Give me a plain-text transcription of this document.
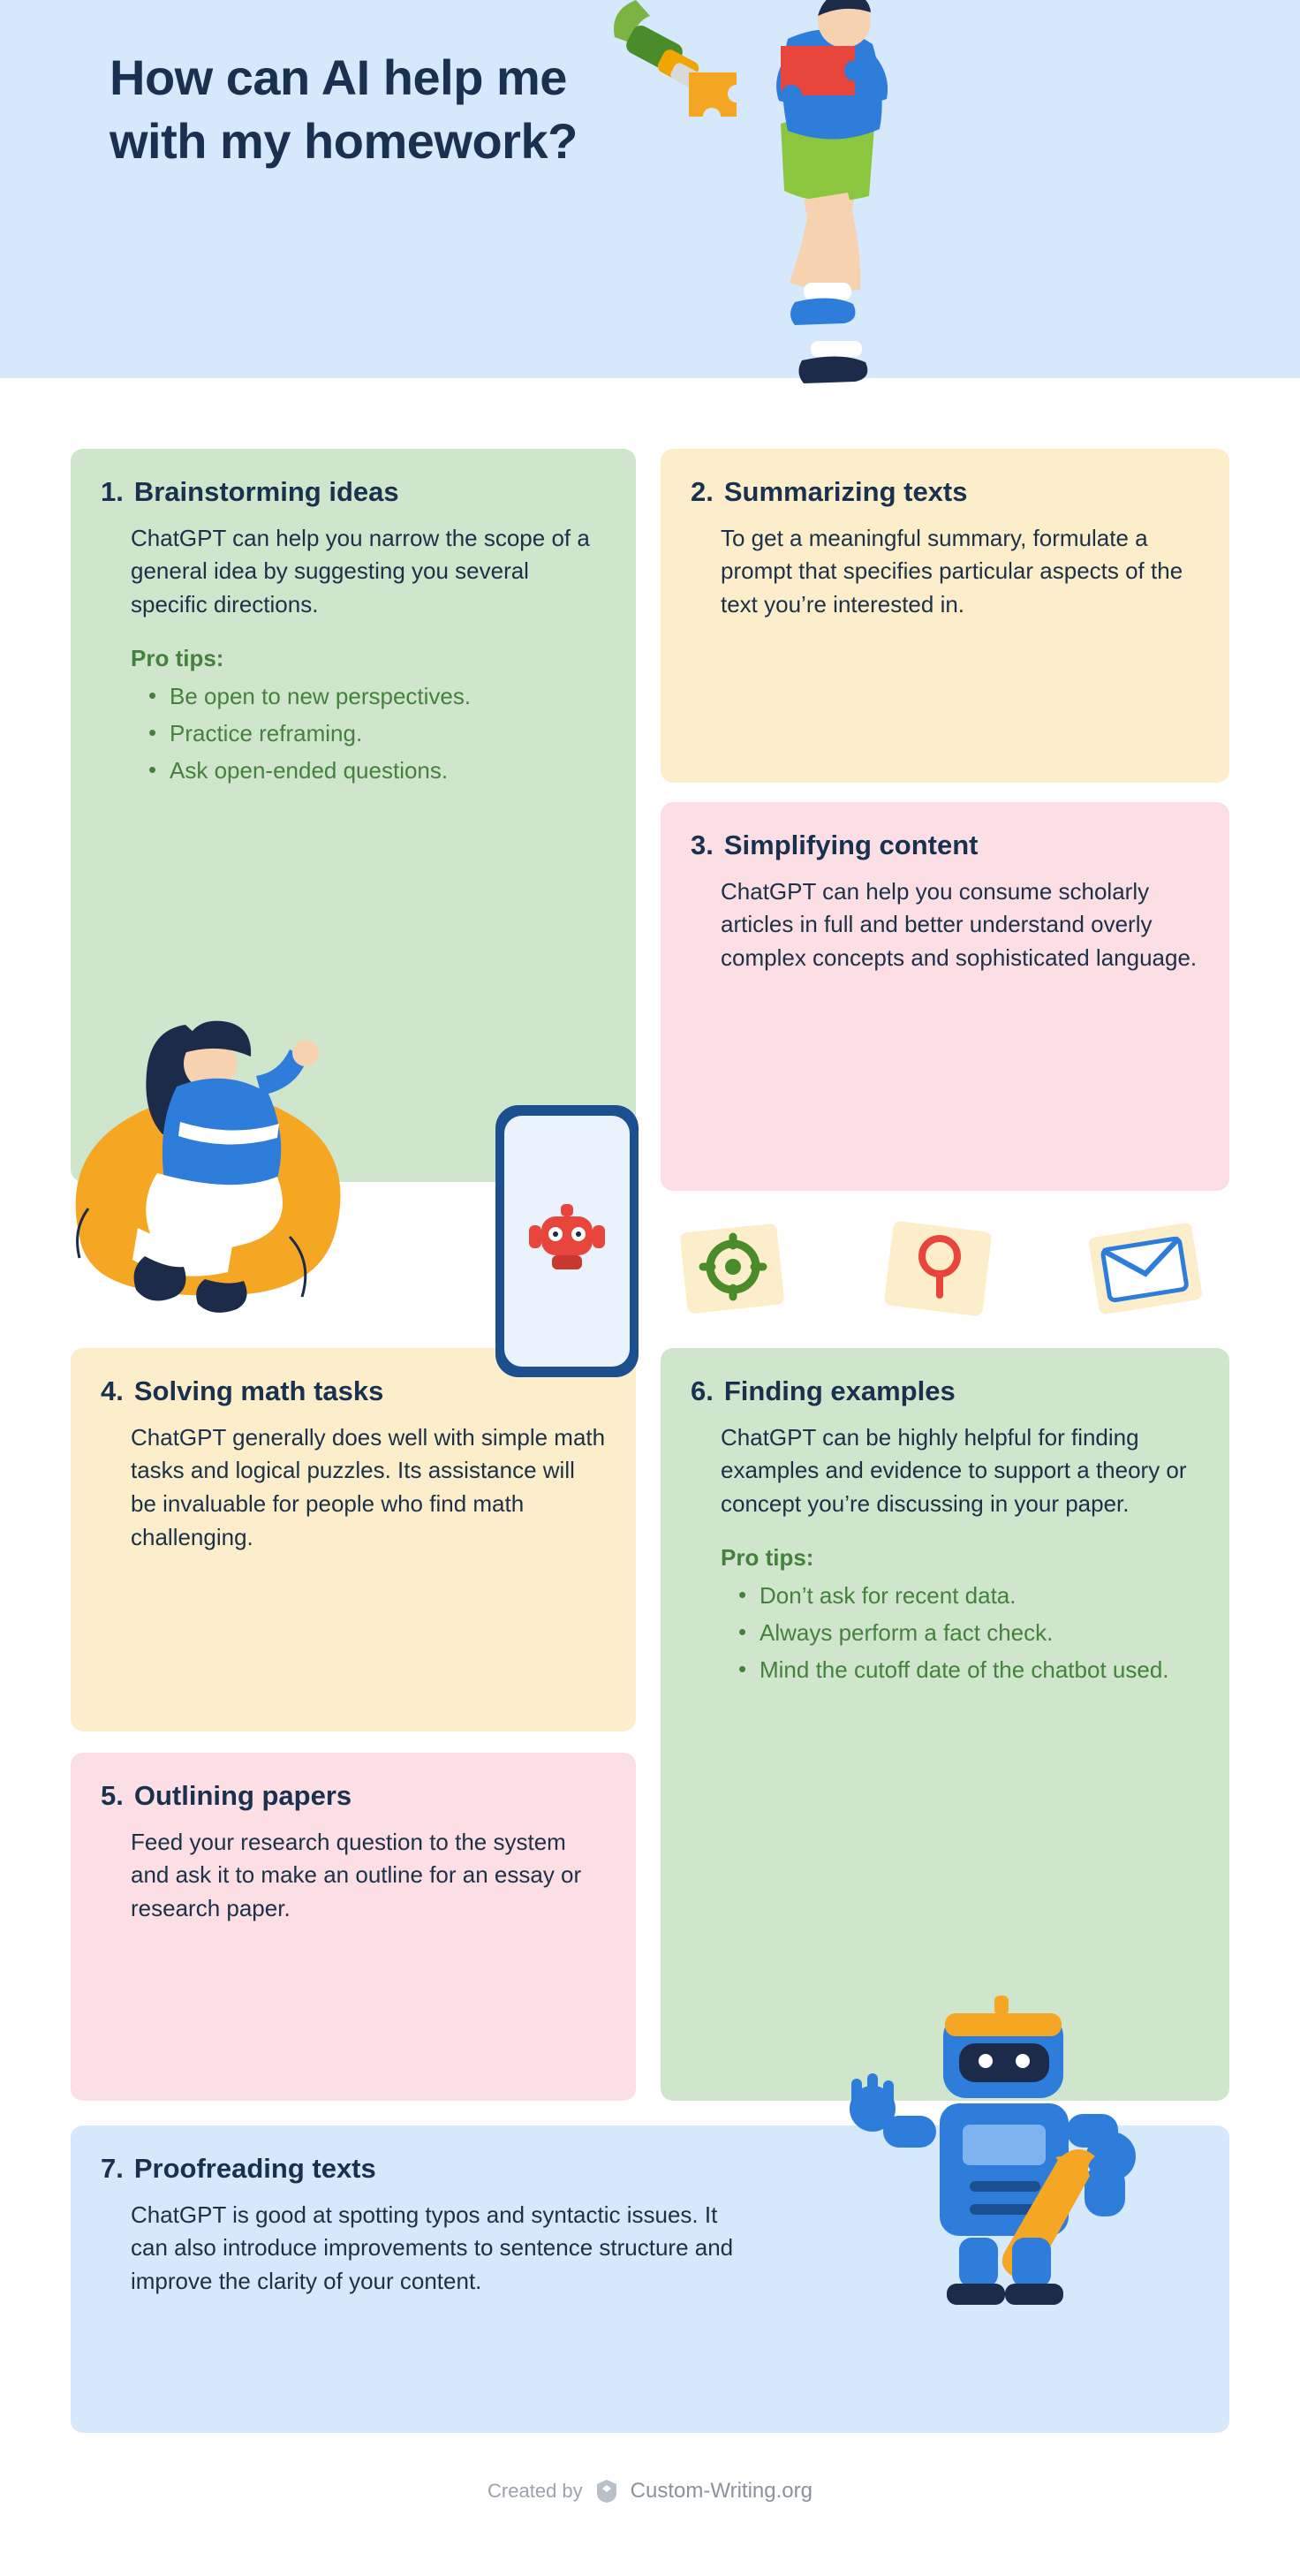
How can AI help me with my homework?
1. Brainstorming ideas

ChatGPT can help you narrow the scope of a general idea by suggesting you several specific directions.

Pro tips:
• Be open to new perspectives.
• Practice reframing.
• Ask open-ended questions.
2. Summarizing texts

To get a meaningful summary, formulate a prompt that specifies particular aspects of the text you’re interested in.

3. Simplifying content

ChatGPT can help you consume scholarly articles in full and better understand overly complex concepts and sophisticated language.

4. Solving math tasks

ChatGPT generally does well with simple math tasks and logical puzzles. Its assistance will be invaluable for people who find math challenging.

5. Outlining papers

Feed your research question to the system and ask it to make an outline for an essay or research paper.

6. Finding examples

ChatGPT can be highly helpful for finding examples and evidence to support a theory or concept you’re discussing in your paper.

Pro tips:
• Don’t ask for recent data.
• Always perform a fact check.
• Mind the cutoff date of the chatbot used.
7. Proofreading texts

ChatGPT is good at spotting typos and syntactic issues. It can also introduce improvements to sentence structure and improve the clarity of your content.

Created by Custom-Writing.org
